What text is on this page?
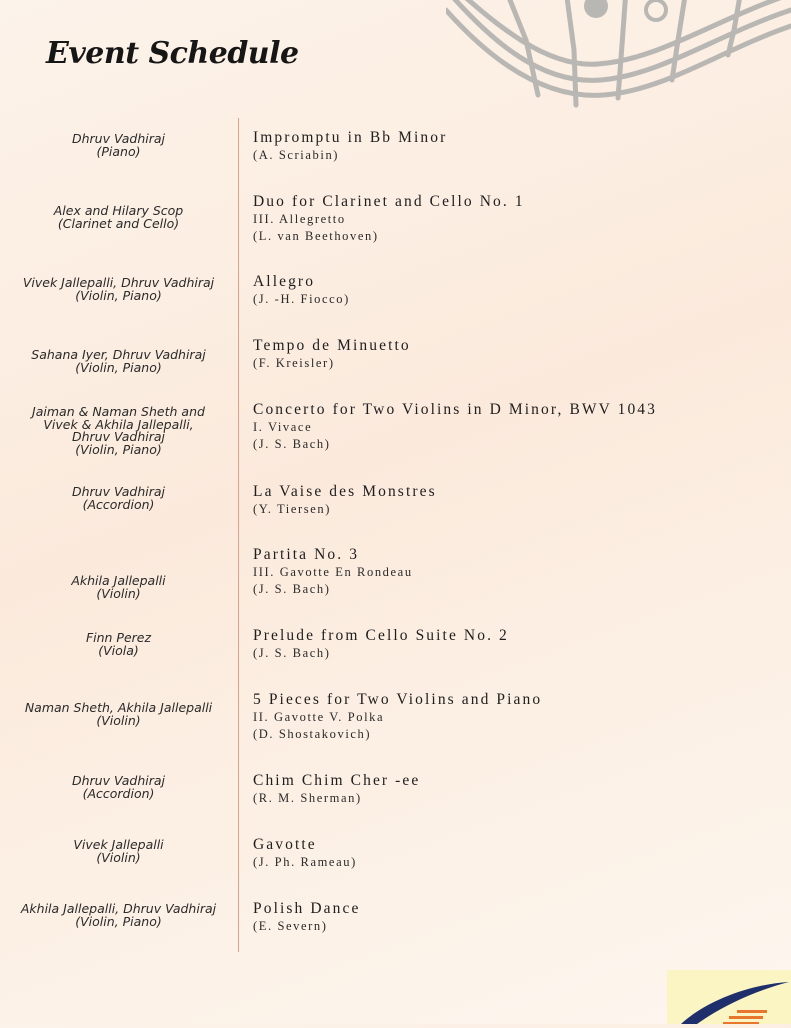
Event Schedule
Dhruv Vadhiraj
(Piano)
Impromptu in Bb Minor
(A. Scriabin)
Alex and Hilary Scop
(Clarinet and Cello)
Duo for Clarinet and Cello No. 1
III. Allegretto
(L. van Beethoven)
Vivek Jallepalli, Dhruv Vadhiraj
(Violin, Piano)
Allegro
(J. -H. Fiocco)
Sahana Iyer, Dhruv Vadhiraj
(Violin, Piano)
Tempo de Minuetto
(F. Kreisler)
Jaiman & Naman Sheth and
Vivek & Akhila Jallepalli,
Dhruv Vadhiraj
(Violin, Piano)
Concerto for Two Violins in D Minor, BWV 1043
I. Vivace
(J. S. Bach)
Dhruv Vadhiraj
(Accordion)
La Vaise des Monstres
(Y. Tiersen)
Akhila Jallepalli
(Violin)
Partita No. 3
III. Gavotte En Rondeau
(J. S. Bach)
Finn Perez
(Viola)
Prelude from Cello Suite No. 2
(J. S. Bach)
Naman Sheth, Akhila Jallepalli
(Violin)
5 Pieces for Two Violins and Piano
II. Gavotte V. Polka
(D. Shostakovich)
Dhruv Vadhiraj
(Accordion)
Chim Chim Cher -ee
(R. M. Sherman)
Vivek Jallepalli
(Violin)
Gavotte
(J. Ph. Rameau)
Akhila Jallepalli, Dhruv Vadhiraj
(Violin, Piano)
Polish Dance
(E. Severn)
